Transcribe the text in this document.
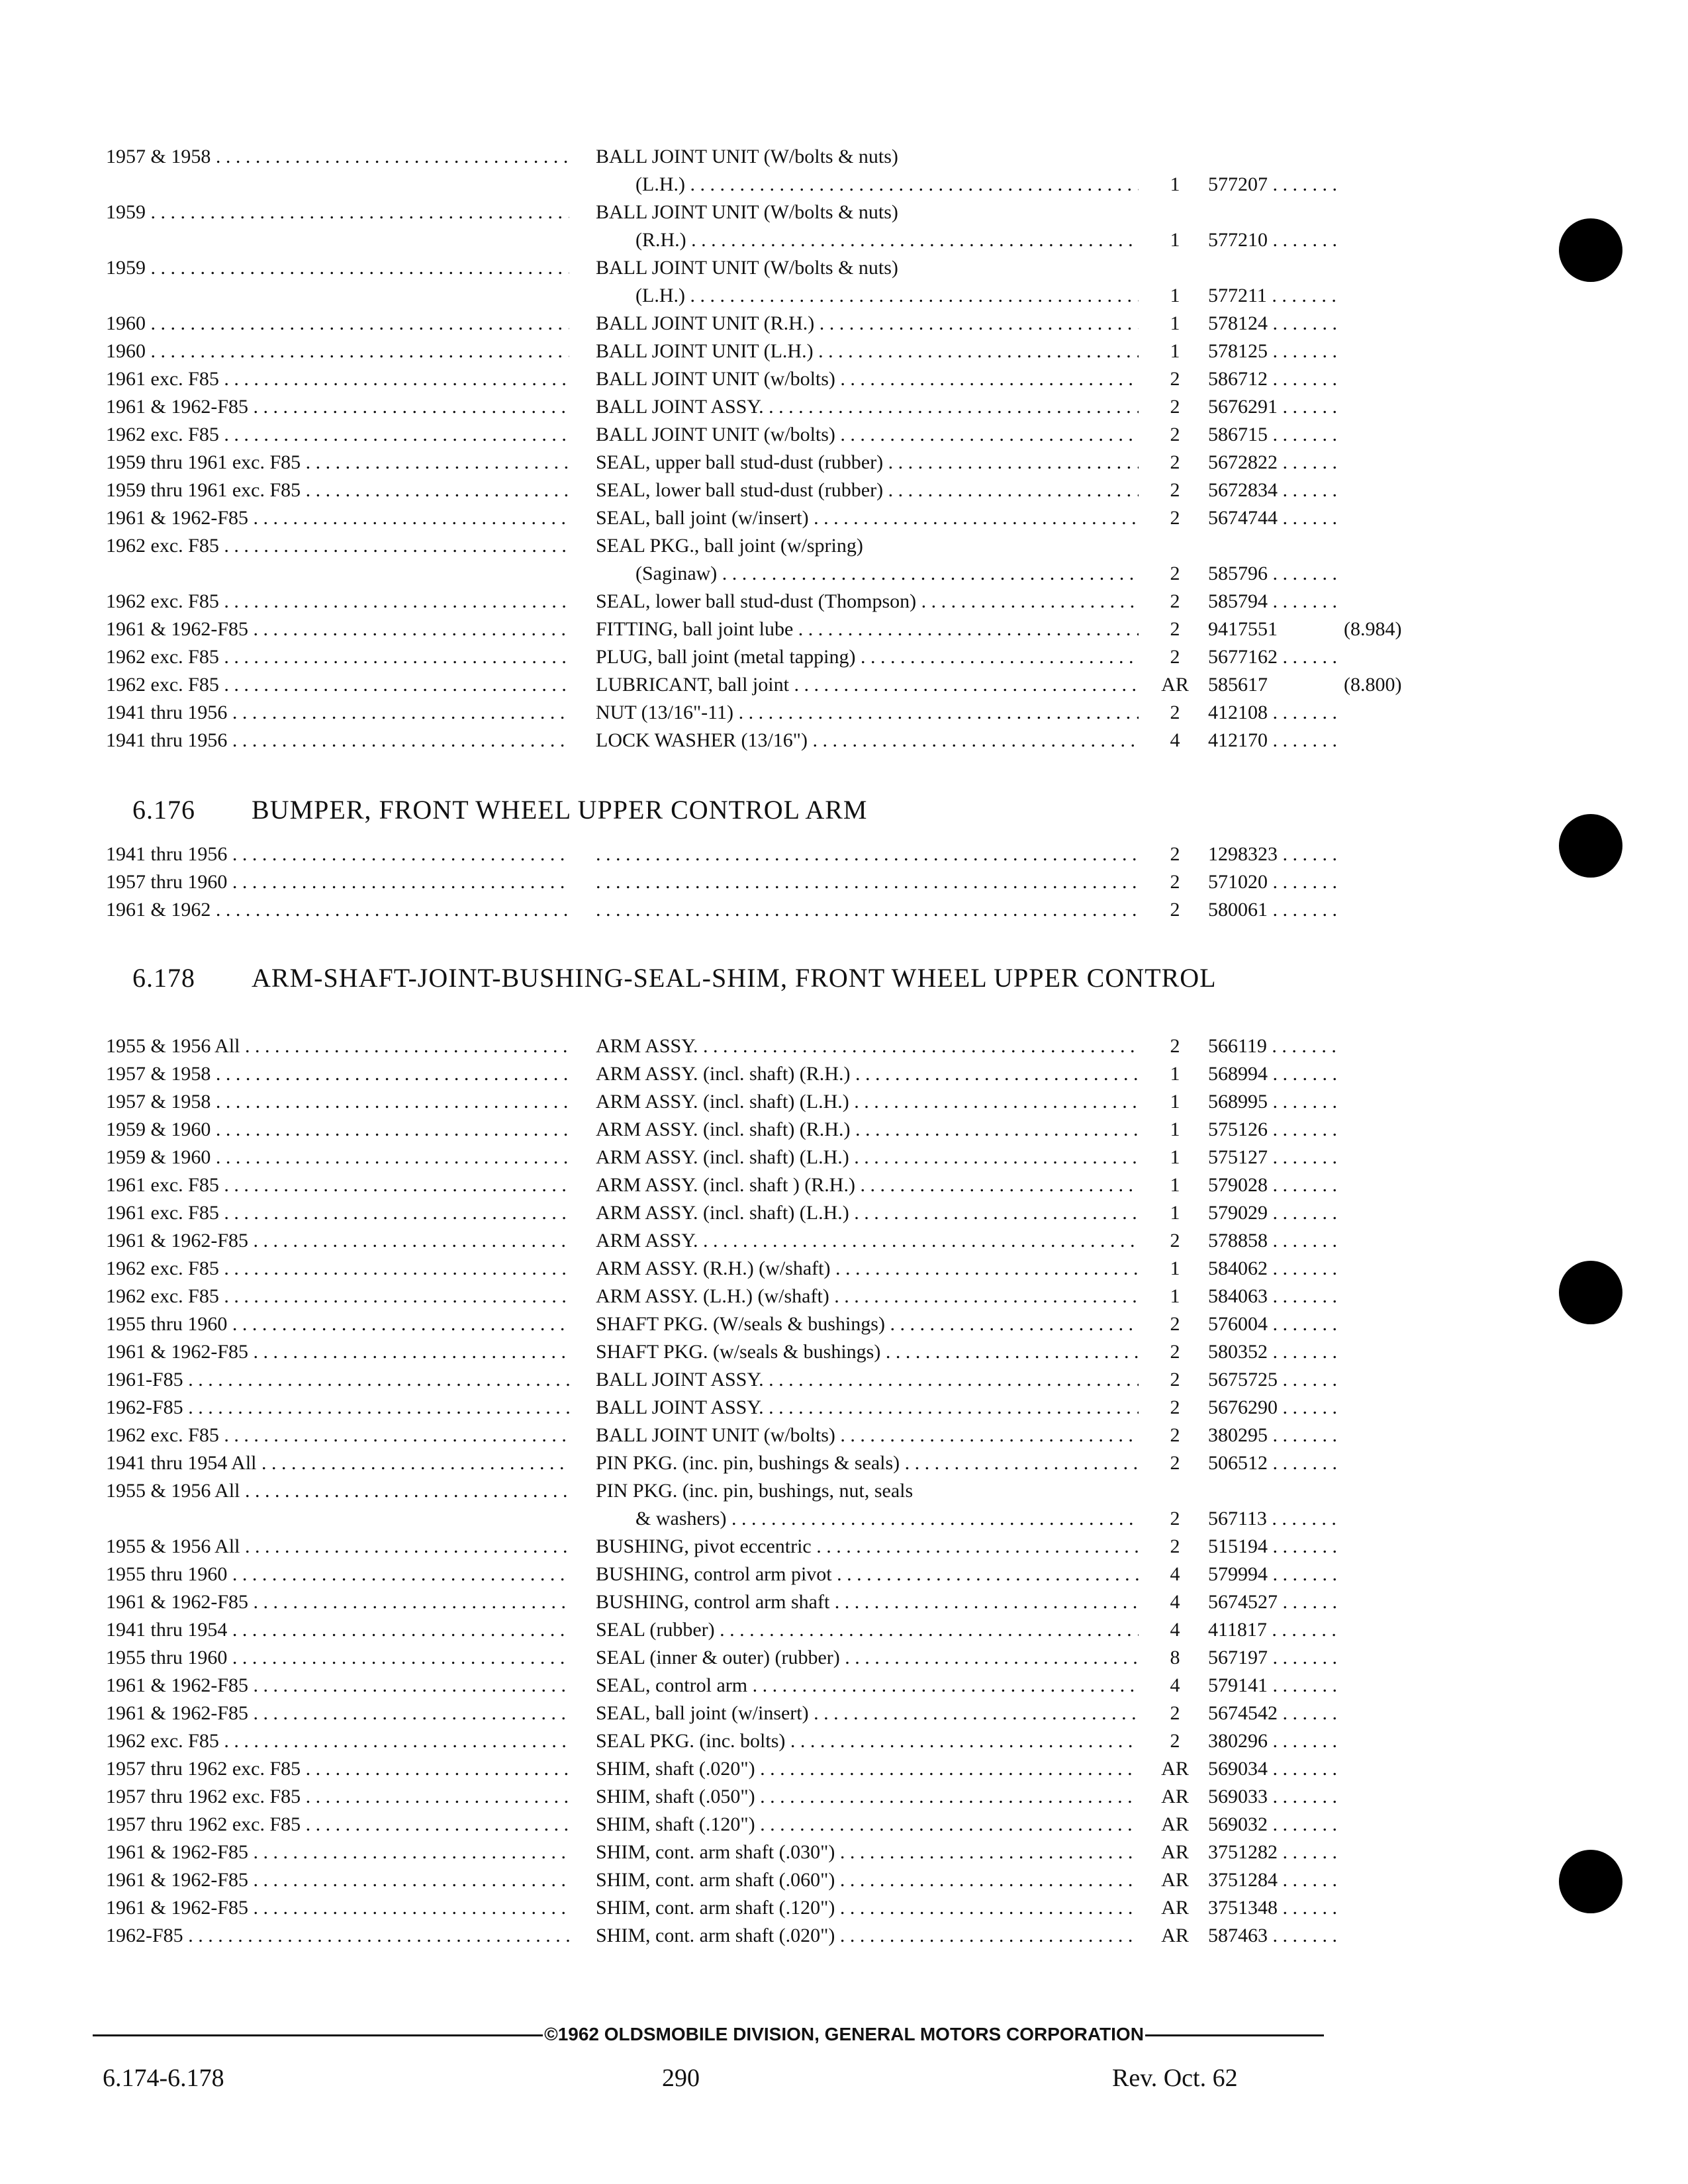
1957 & 1958 . . .	BALL JOINT UNIT (W/bolts & nuts)
(L.H.) . . .	1	577207 . . .
1959 . . .	BALL JOINT UNIT (W/bolts & nuts)
(R.H.) . . .	1	577210 . . .
1959 . . .	BALL JOINT UNIT (W/bolts & nuts)
(L.H.) . . .	1	577211 . . .
1960 . . .	BALL JOINT UNIT (R.H.) . . .	1	578124 . . .
1960 . . .	BALL JOINT UNIT (L.H.) . . .	1	578125 . . .
1961 exc. F85 . . .	BALL JOINT UNIT (w/bolts) . . .	2	586712 . . .
1961 & 1962-F85 . . .	BALL JOINT ASSY. . . .	2	5676291 . . .
1962 exc. F85 . . .	BALL JOINT UNIT (w/bolts) . . .	2	586715 . . .
1959 thru 1961 exc. F85 . . .	SEAL, upper ball stud-dust (rubber) . . .	2	5672822 . . .
1959 thru 1961 exc. F85 . . .	SEAL, lower ball stud-dust (rubber) . . .	2	5672834 . . .
1961 & 1962-F85 . . .	SEAL, ball joint (w/insert) . . .	2	5674744 . . .
1962 exc. F85 . . .	SEAL PKG., ball joint (w/spring)
(Saginaw) . . .	2	585796 . . .
1962 exc. F85 . . .	SEAL, lower ball stud-dust (Thompson) . . .	2	585794 . . .
1961 & 1962-F85 . . .	FITTING, ball joint lube . . .	2	9417551	(8.984)
1962 exc. F85 . . .	PLUG, ball joint (metal tapping) . . .	2	5677162 . . .
1962 exc. F85 . . .	LUBRICANT, ball joint . . .	AR 585617	(8.800)
1941 thru 1956 . . .	NUT (13/16"-11) . . .	2	412108 . . .
1941 thru 1956 . . .	LOCK WASHER (13/16") . . .	4	412170 . . .
6.176 BUMPER, FRONT WHEEL UPPER CONTROL ARM
1941 thru 1956 . . . . . .	2	1298323 . . .
1957 thru 1960 . . . . . .	2	571020 . . .
1961 & 1962 . . . . . .	2	580061 . . .
6.178 ARM-SHAFT-JOINT-BUSHING-SEAL-SHIM, FRONT WHEEL UPPER CONTROL
1955 & 1956 All . . .	ARM ASSY. . . .	2	566119 . . .
1957 & 1958 . . .	ARM ASSY. (incl. shaft) (R.H.) . . .	1	568994 . . .
1957 & 1958 . . .	ARM ASSY. (incl. shaft) (L.H.) . . .	1	568995 . . .
1959 & 1960 . . .	ARM ASSY. (incl. shaft) (R.H.) . . .	1	575126 . . .
1959 & 1960 . . .	ARM ASSY. (incl. shaft) (L.H.) . . .	1	575127 . . .
1961 exc. F85 . . .	ARM ASSY. (incl. shaft ) (R.H.) . . .	1	579028 . . .
1961 exc. F85 . . .	ARM ASSY. (incl. shaft) (L.H.) . . .	1	579029 . . .
1961 & 1962-F85 . . .	ARM ASSY. . . .	2	578858 . . .
1962 exc. F85 . . .	ARM ASSY. (R.H.) (w/shaft) . . .	1	584062 . . .
1962 exc. F85 . . .	ARM ASSY. (L.H.) (w/shaft) . . .	1	584063 . . .
1955 thru 1960 . . .	SHAFT PKG. (W/seals & bushings) . . .	2	576004 . . .
1961 & 1962-F85 . . .	SHAFT PKG. (w/seals & bushings) . . .	2	580352 . . .
1961-F85 . . .	BALL JOINT ASSY. . . .	2	5675725 . . .
1962-F85 . . .	BALL JOINT ASSY. . . .	2	5676290 . . .
1962 exc. F85 . . .	BALL JOINT UNIT (w/bolts) . . .	2	380295 . . .
1941 thru 1954 All . . .	PIN PKG. (inc. pin, bushings & seals) . . .	2	506512 . . .
1955 & 1956 All . . .	PIN PKG. (inc. pin, bushings, nut, seals
& washers) . . .	2	567113 . . .
1955 & 1956 All . . .	BUSHING, pivot eccentric . . .	2	515194 . . .
1955 thru 1960 . . .	BUSHING, control arm pivot . . .	4	579994 . . .
1961 & 1962-F85 . . .	BUSHING, control arm shaft . . .	4	5674527 . . .
1941 thru 1954 . . .	SEAL (rubber) . . .	4	411817 . . .
1955 thru 1960 . . .	SEAL (inner & outer) (rubber) . . .	8	567197 . . .
1961 & 1962-F85 . . .	SEAL, control arm . . .	4	579141 . . .
1961 & 1962-F85 . . .	SEAL, ball joint (w/insert) . . .	2	5674542 . . .
1962 exc. F85 . . .	SEAL PKG. (inc. bolts) . . .	2	380296 . . .
1957 thru 1962 exc. F85 . . .	SHIM, shaft (.020") . . .	AR 569034 . . .
1957 thru 1962 exc. F85 . . .	SHIM, shaft (.050") . . .	AR 569033 . . .
1957 thru 1962 exc. F85 . . .	SHIM, shaft (.120") . . .	AR 569032 . . .
1961 & 1962-F85 . . .	SHIM, cont. arm shaft (.030") . . .	AR 3751282 . . .
1961 & 1962-F85 . . .	SHIM, cont. arm shaft (.060") . . .	AR 3751284 . . .
1961 & 1962-F85 . . .	SHIM, cont. arm shaft (.120") . . .	AR 3751348 . . .
1962-F85 . . .	SHIM, cont. arm shaft (.020") . . .	AR 587463 . . .
©1962 OLDSMOBILE DIVISION, GENERAL MOTORS CORPORATION
6.174-6.178	290	Rev. Oct. 62
